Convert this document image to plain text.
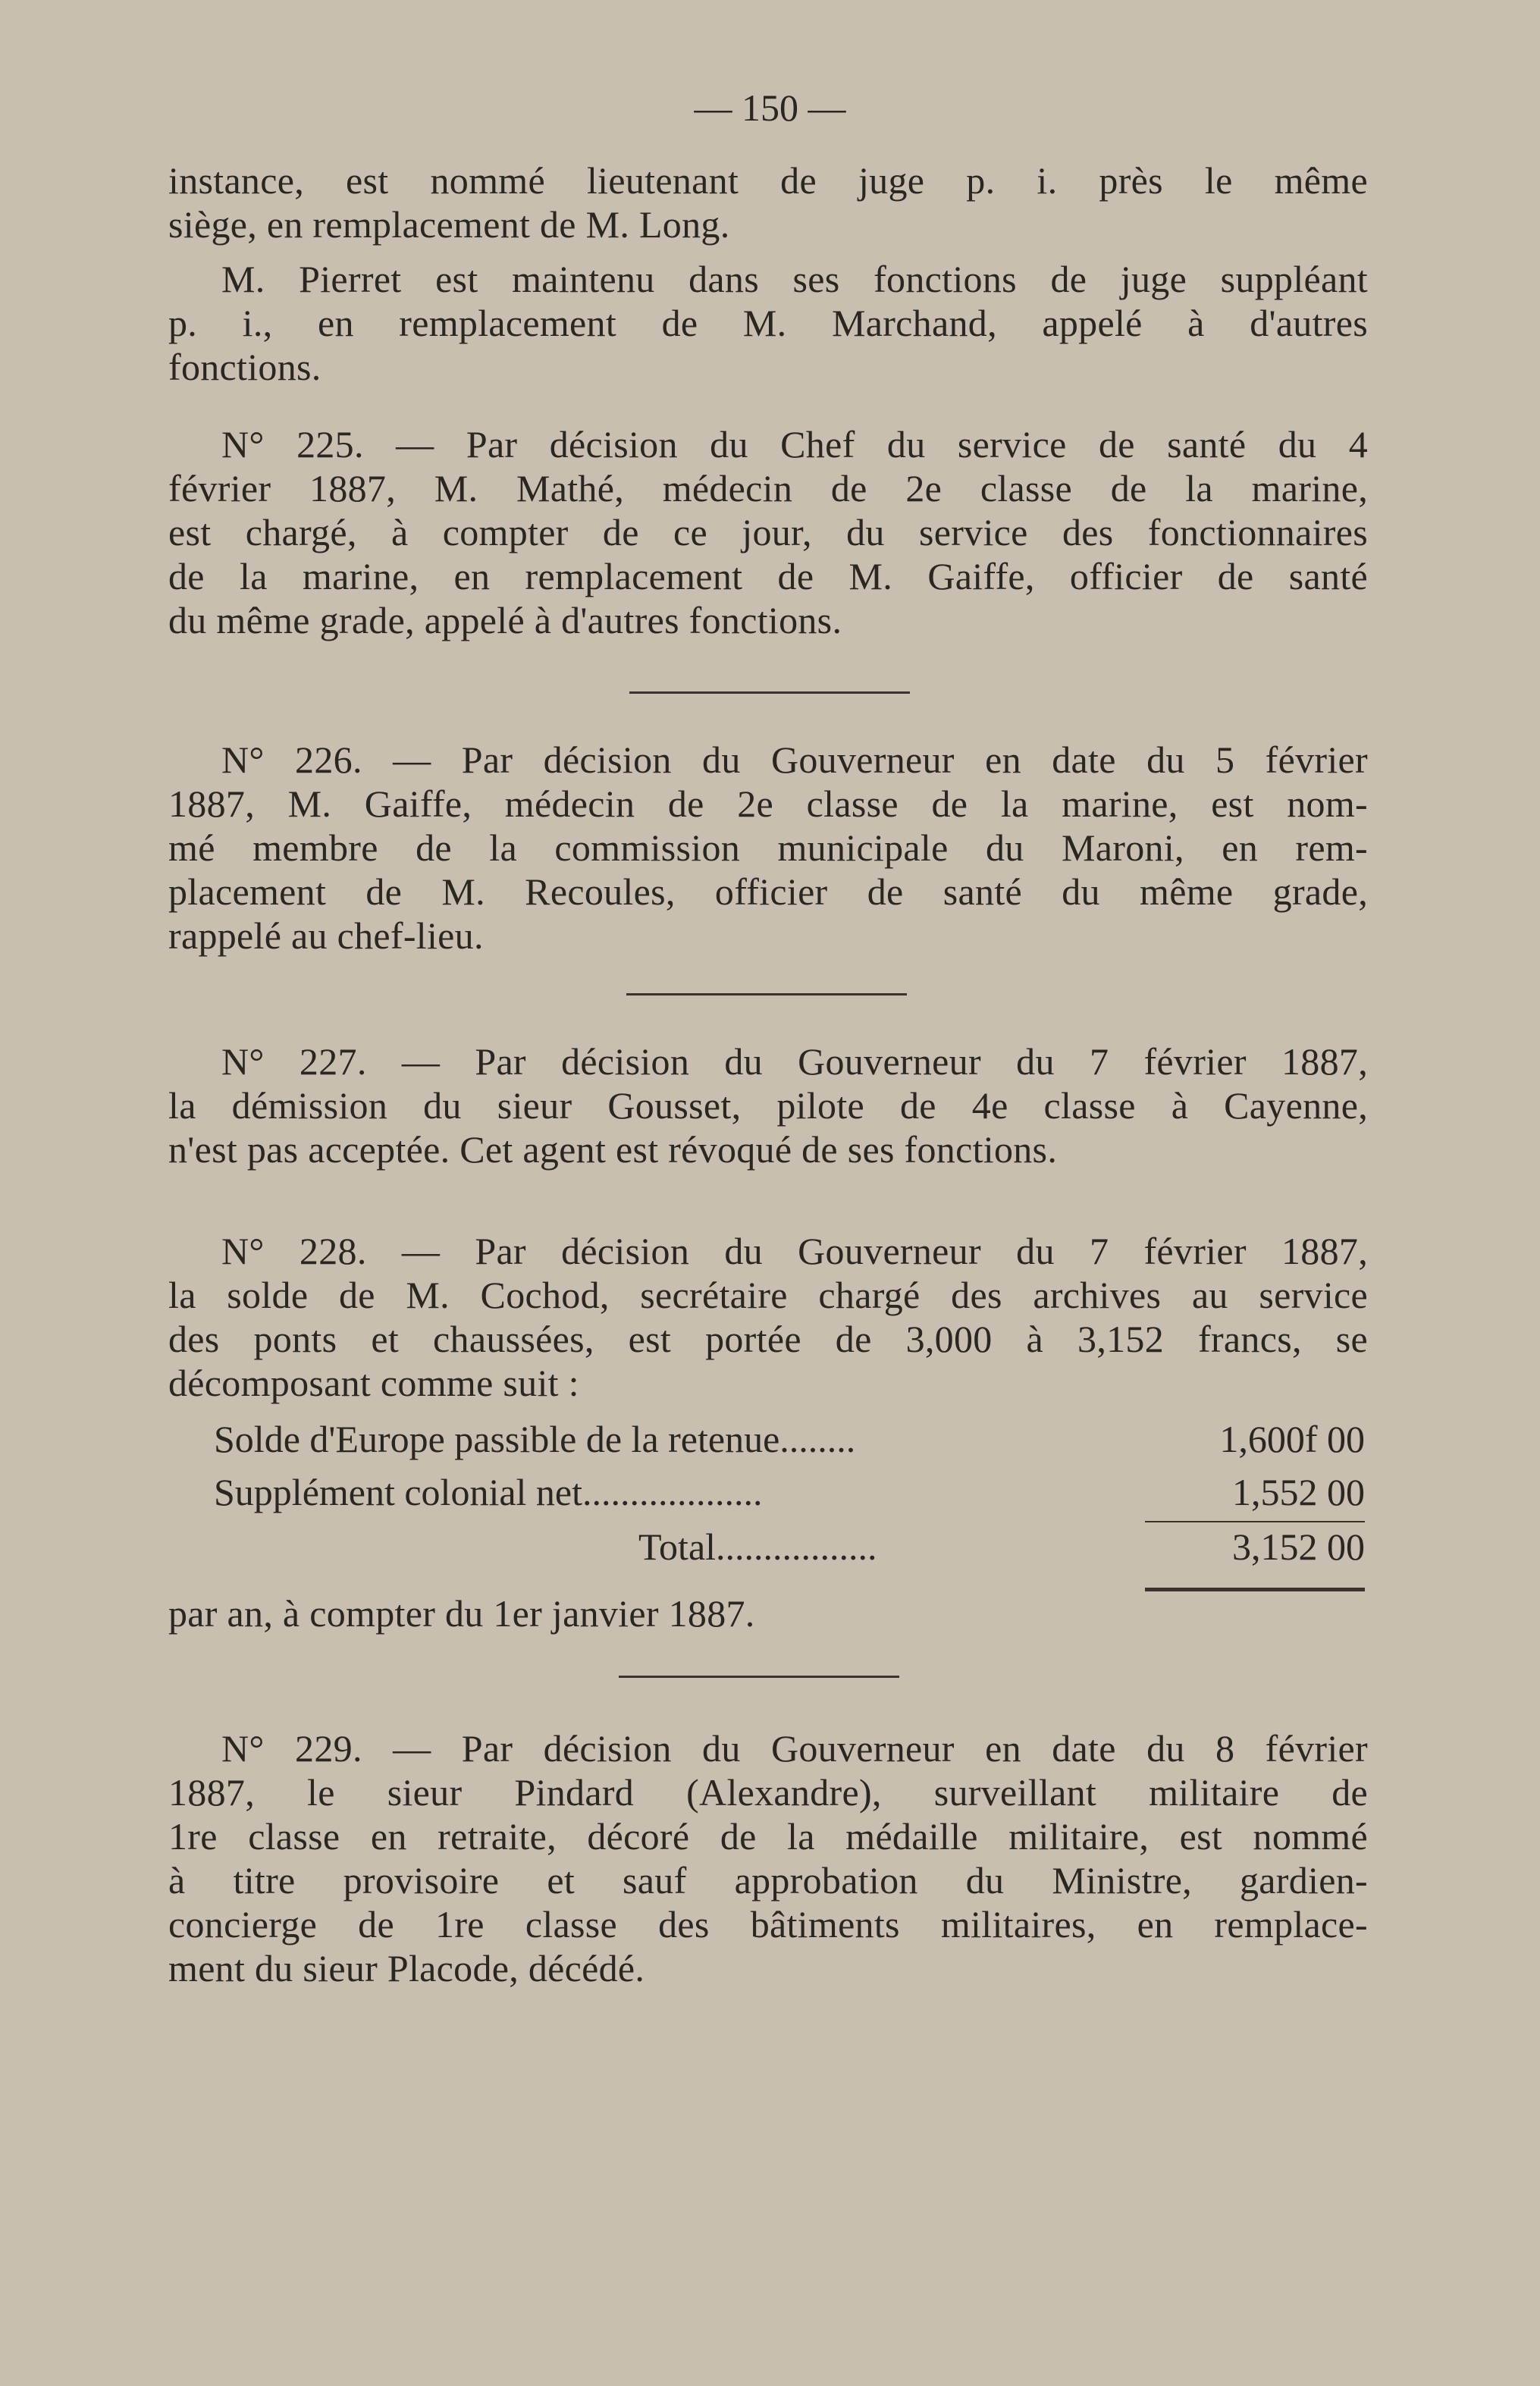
— 150 —
instance, est nommé lieutenant de juge p. i. près le même
siège, en remplacement de M. Long.
M. Pierret est maintenu dans ses fonctions de juge suppléant
p. i., en remplacement de M. Marchand, appelé à d'autres
fonctions.
N° 225. — Par décision du Chef du service de santé du 4
février 1887, M. Mathé, médecin de 2e classe de la marine,
est chargé, à compter de ce jour, du service des fonctionnaires
de la marine, en remplacement de M. Gaiffe, officier de santé
du même grade, appelé à d'autres fonctions.
N° 226. — Par décision du Gouverneur en date du 5 février
1887, M. Gaiffe, médecin de 2e classe de la marine, est nom-
mé membre de la commission municipale du Maroni, en rem-
placement de M. Recoules, officier de santé du même grade,
rappelé au chef-lieu.
N° 227. — Par décision du Gouverneur du 7 février 1887,
la démission du sieur Gousset, pilote de 4e classe à Cayenne,
n'est pas acceptée. Cet agent est révoqué de ses fonctions.
N° 228. — Par décision du Gouverneur du 7 février 1887,
la solde de M. Cochod, secrétaire chargé des archives au service
des ponts et chaussées, est portée de 3,000 à 3,152 francs, se
décomposant comme suit :
Solde d'Europe passible de la retenue........	1,600f 00
Supplément colonial net...................	1,552 00
Total.................	3,152 00
par an, à compter du 1er janvier 1887.
N° 229. — Par décision du Gouverneur en date du 8 février
1887, le sieur Pindard (Alexandre), surveillant militaire de
1re classe en retraite, décoré de la médaille militaire, est nommé
à titre provisoire et sauf approbation du Ministre, gardien-
concierge de 1re classe des bâtiments militaires, en remplace-
ment du sieur Placode, décédé.
